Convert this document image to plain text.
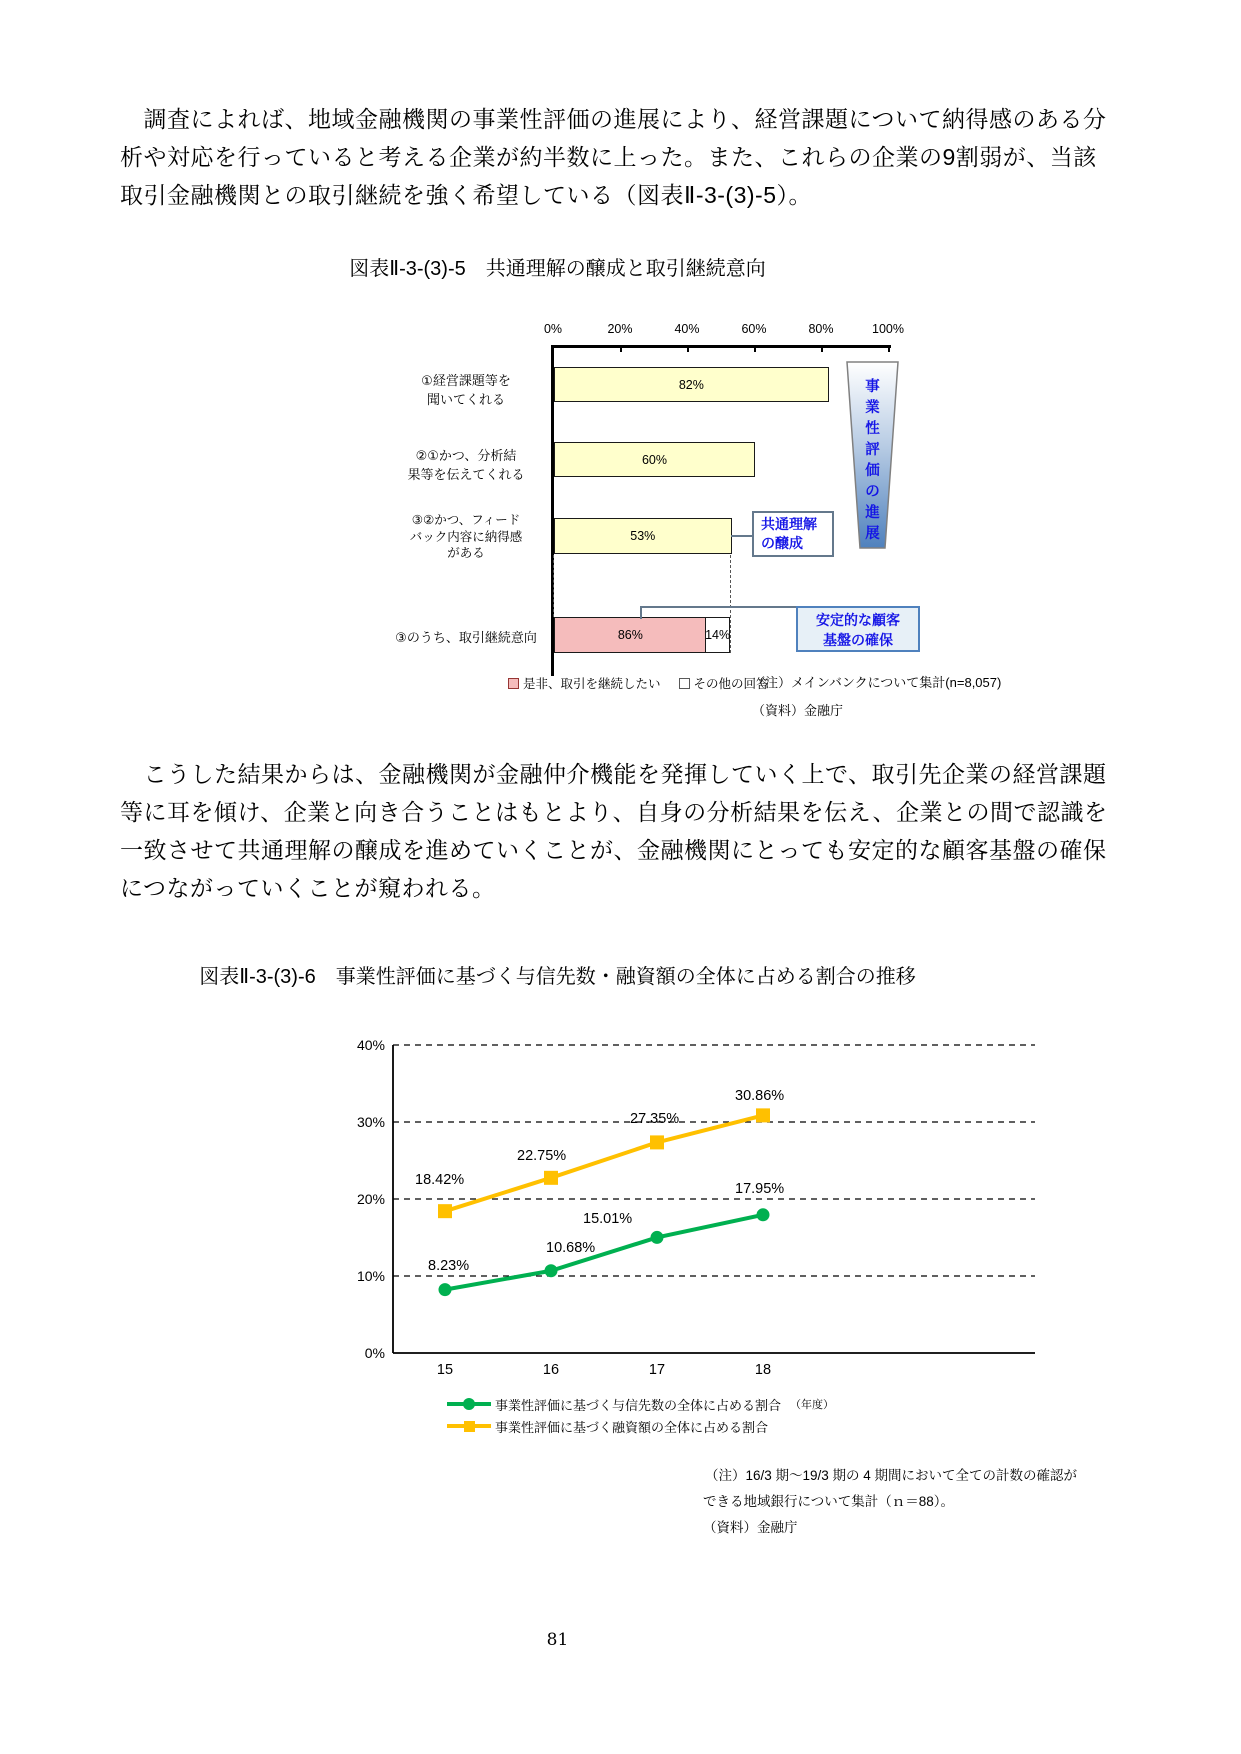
　調査によれば、地域金融機関の事業性評価の進展により、経営課題について納得感のある分析や対応を行っていると考える企業が約半数に上った。また、これらの企業の9割弱が、当該取引金融機関との取引継続を強く希望している（図表Ⅱ-3-(3)-5）。
図表Ⅱ-3-(3)-5　共通理解の醸成と取引継続意向
0%	20%	40%	60%	80%	100%
①経営課題等を
聞いてくれる
②①かつ、分析結
果等を伝えてくれる
③②かつ、フィード
バック内容に納得感
がある
③のうち、取引継続意向
82%
60%
53%
86%	14%
共通理解
の醸成
安定的な顧客
基盤の確保
事
業
性
評
価
の
進
展
是非、取引を継続したい	その他の回答
（注）メインバンクについて集計(n=8,057)
（資料）金融庁
　こうした結果からは、金融機関が金融仲介機能を発揮していく上で、取引先企業の経営課題等に耳を傾け、企業と向き合うことはもとより、自身の分析結果を伝え、企業との間で認識を一致させて共通理解の醸成を進めていくことが、金融機関にとっても安定的な顧客基盤の確保につながっていくことが窺われる。
図表Ⅱ-3-(3)-6　事業性評価に基づく与信先数・融資額の全体に占める割合の推移
40%
30%
20%
10%
0%
15	16	17	18
18.42%
22.75%
27.35%
30.86%
8.23%
10.68%
15.01%
17.95%
事業性評価に基づく与信先数の全体に占める割合
事業性評価に基づく融資額の全体に占める割合
（年度）
（注）16/3 期～19/3 期の 4 期間において全ての計数の確認が
できる地域銀行について集計（ｎ＝88）。
（資料）金融庁
81
